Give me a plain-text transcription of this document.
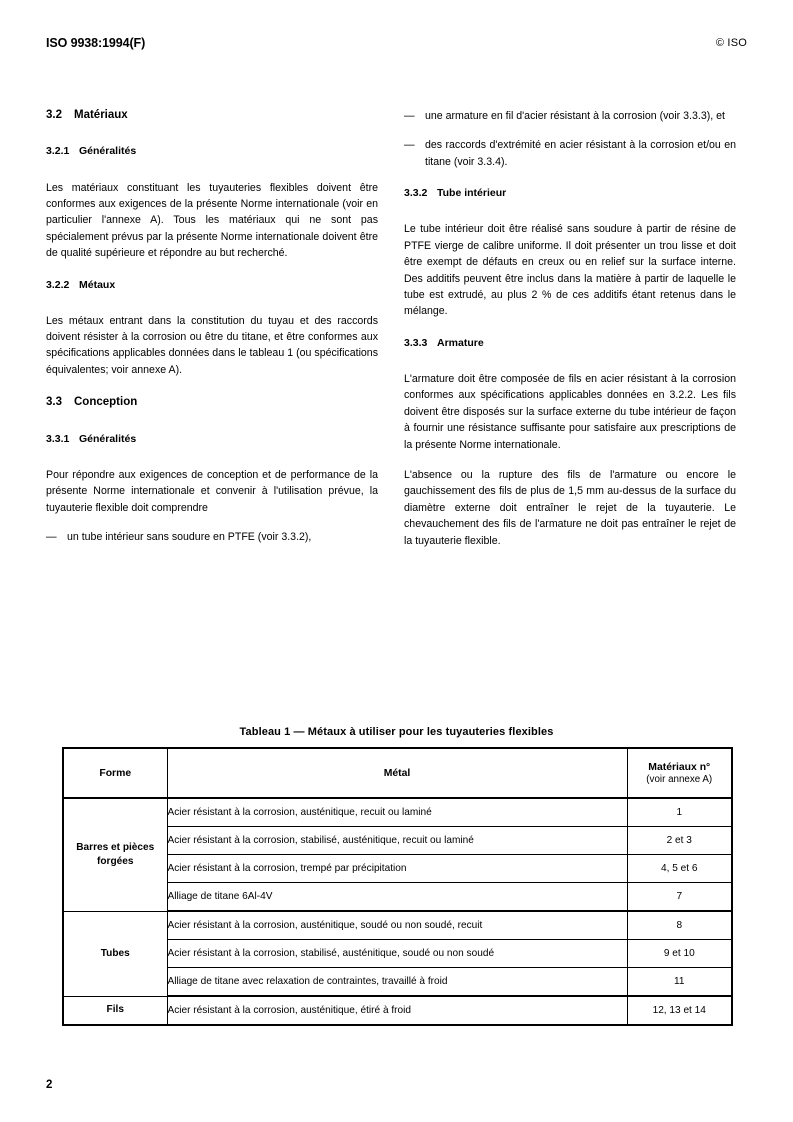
ISO 9938:1994(F)	© ISO
3.2 Matériaux
3.2.1 Généralités

Les matériaux constituant les tuyauteries flexibles doivent être conformes aux exigences de la présente Norme internationale (voir en particulier l'annexe A). Tous les matériaux qui ne sont pas spécialement prévus par la présente Norme internationale doivent être de qualité supérieure et répondre au but recherché.

3.2.2 Métaux

Les métaux entrant dans la constitution du tuyau et des raccords doivent résister à la corrosion ou être du titane, et être conformes aux spécifications applicables données dans le tableau 1 (ou spécifications équivalentes; voir annexe A).

3.3 Conception
3.3.1 Généralités

Pour répondre aux exigences de conception et de performance de la présente Norme internationale et convenir à l'utilisation prévue, la tuyauterie flexible doit comprendre

— un tube intérieur sans soudure en PTFE (voir 3.3.2),

— une armature en fil d'acier résistant à la corrosion (voir 3.3.3), et

— des raccords d'extrémité en acier résistant à la corrosion et/ou en titane (voir 3.3.4).

3.3.2 Tube intérieur

Le tube intérieur doit être réalisé sans soudure à partir de résine de PTFE vierge de calibre uniforme. Il doit présenter un trou lisse et doit être exempt de défauts en creux ou en relief sur la surface interne. Des additifs peuvent être inclus dans la matière à partir de laquelle le tube est extrudé, au plus 2 % de ces additifs étant retenus dans le mélange.

3.3.3 Armature

L'armature doit être composée de fils en acier résistant à la corrosion conformes aux spécifications applicables données en 3.2.2. Les fils doivent être disposés sur la surface externe du tube intérieur de façon à fournir une résistance suffisante pour satisfaire aux prescriptions de la présente Norme internationale.

L'absence ou la rupture des fils de l'armature ou encore le gauchissement des fils de plus de 1,5 mm au-dessus de la surface du diamètre externe doit entraîner le rejet de la tuyauterie. Le chevauchement des fils de l'armature ne doit pas entraîner le rejet de la tuyauterie flexible.

Tableau 1 — Métaux à utiliser pour les tuyauteries flexibles
Forme	Métal	Matériaux n°
(voir annexe A)

Barres et pièces forgées	Acier résistant à la corrosion, austénitique, recuit ou laminé	1
	Acier résistant à la corrosion, stabilisé, austénitique, recuit ou laminé	2 et 3
	Acier résistant à la corrosion, trempé par précipitation	4, 5 et 6
	Alliage de titane 6Al-4V	7
Tubes	Acier résistant à la corrosion, austénitique, soudé ou non soudé, recuit	8
	Acier résistant à la corrosion, stabilisé, austénitique, soudé ou non soudé	9 et 10
	Alliage de titane avec relaxation de contraintes, travaillé à froid	11
Fils	Acier résistant à la corrosion, austénitique, étiré à froid	12, 13 et 14
2
